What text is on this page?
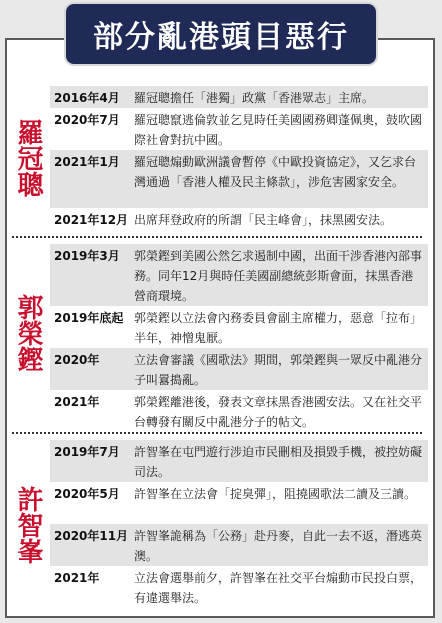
部分亂港頭目惡行
羅冠聰
2016年4月	羅冠聰擔任「港獨」政黨「香港眾志」主席。
2020年7月	羅冠聰竄逃倫敦並乞見時任美國國務卿蓬佩奧，鼓吹國際社會對抗中國。
2021年1月	羅冠聰煽動歐洲議會暫停《中歐投資協定》，又乞求台灣通過「香港人權及民主條款」，涉危害國家安全。
2021年12月 出席拜登政府的所謂「民主峰會」，抹黑國安法。
郭榮鏗
2019年3月	郭榮鏗到美國公然乞求遏制中國，出面干涉香港內部事務。同年12月與時任美國副總統彭斯會面，抹黑香港營商環境。
2019年底起 郭榮鏗以立法會內務委員會副主席權力，惡意「拉布」半年，神憎鬼厭。
2020年	立法會審議《國歌法》期間，郭榮鏗與一眾反中亂港分子叫囂搗亂。
2021年	郭榮鏗離港後，發表文章抹黑香港國安法。又在社交平台轉發有關反中亂港分子的帖文。
許智峯
2019年7月	許智峯在屯門遊行涉迫市民刪相及損毀手機，被控妨礙司法。
2020年5月	許智峯在立法會「掟臭彈」，阻撓國歌法二讀及三讀。
2020年11月 許智峯詭稱為「公務」赴丹麥，自此一去不返，潛逃英澳。
2021年	立法會選舉前夕，許智峯在社交平台煽動市民投白票，有違選舉法。
